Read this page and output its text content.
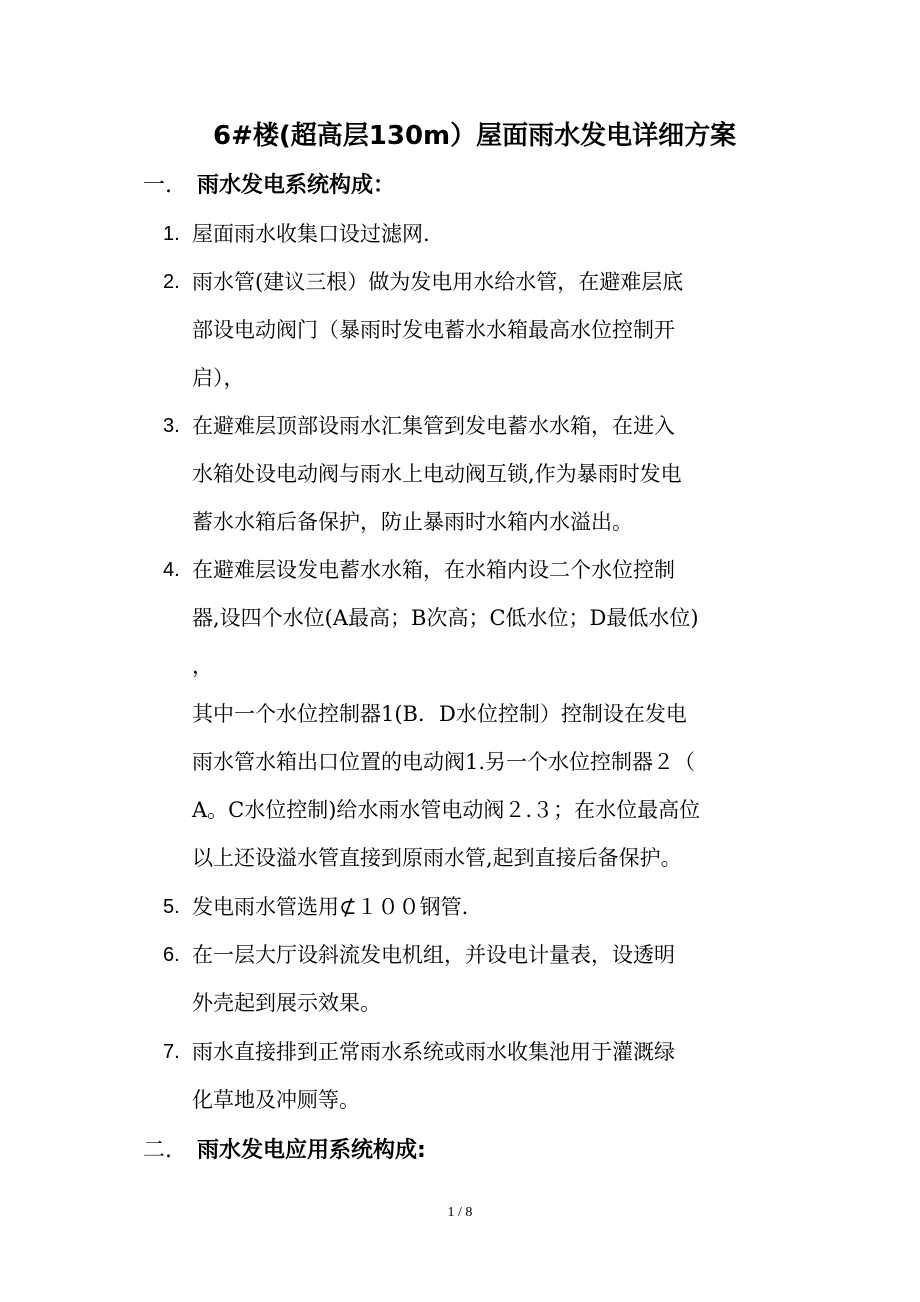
6#楼(超高层130m）屋面雨水发电详细方案
一. 雨水发电系统构成：
1. 屋面雨水收集口设过滤网.
2. 雨水管(建议三根）做为发电用水给水管，在避难层底
部设电动阀门（暴雨时发电蓄水水箱最高水位控制开
启），
3. 在避难层顶部设雨水汇集管到发电蓄水水箱，在进入
水箱处设电动阀与雨水上电动阀互锁,作为暴雨时发电
蓄水水箱后备保护，防止暴雨时水箱内水溢出。
4. 在避难层设发电蓄水水箱，在水箱内设二个水位控制
器,设四个水位(A最高；B次高；C低水位；D最低水位)
，
其中一个水位控制器1(B．D水位控制）控制设在发电
雨水管水箱出口位置的电动阀1.另一个水位控制器２（
A。C水位控制)给水雨水管电动阀２.３；在水位最高位
以上还设溢水管直接到原雨水管,起到直接后备保护。
5. 发电雨水管选用⊄１００钢管.
6. 在一层大厅设斜流发电机组，并设电计量表，设透明
外壳起到展示效果。
7. 雨水直接排到正常雨水系统或雨水收集池用于灌溉绿
化草地及冲厕等。
二. 雨水发电应用系统构成:
1 / 8
